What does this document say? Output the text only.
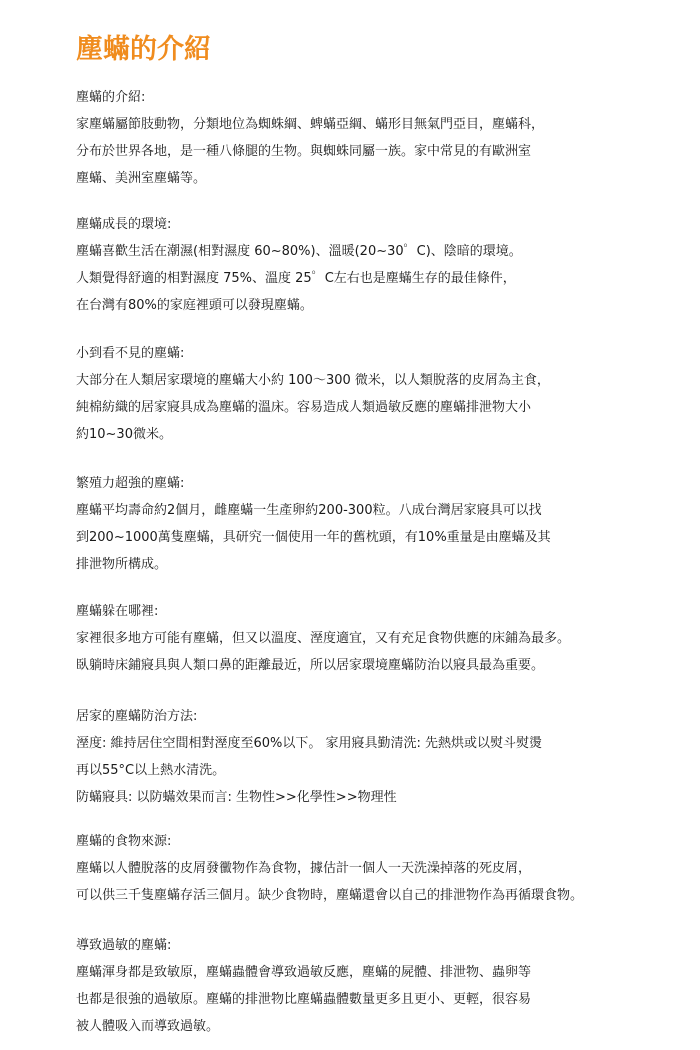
塵蟎的介紹

塵蟎的介紹:

家塵蟎屬節肢動物，分類地位為蜘蛛綱、蜱蟎亞綱、蟎形目無氣門亞目，塵蟎科，

分布於世界各地，是一種八條腿的生物。與蜘蛛同屬一族。家中常見的有歐洲室

塵蟎、美洲室塵蟎等。

塵蟎成長的環境:

塵蟎喜歡生活在潮濕(相對濕度 60~80%)、溫暖(20~30゜C)、陰暗的環境。

人類覺得舒適的相對濕度 75%、溫度 25゜C左右也是塵蟎生存的最佳條件，

在台灣有80%的家庭裡頭可以發現塵蟎。

小到看不見的塵蟎:

大部分在人類居家環境的塵蟎大小約 100～300 微米，以人類脫落的皮屑為主食，

純棉紡織的居家寢具成為塵蟎的溫床。容易造成人類過敏反應的塵蟎排泄物大小

約10~30微米。

繁殖力超強的塵蟎:

塵蟎平均壽命約2個月，雌塵蟎一生產卵約200-300粒。八成台灣居家寢具可以找

到200~1000萬隻塵蟎，具研究一個使用一年的舊枕頭，有10%重量是由塵蟎及其

排泄物所構成。

塵蟎躲在哪裡:

家裡很多地方可能有塵蟎，但又以溫度、溼度適宜，又有充足食物供應的床鋪為最多。

臥躺時床鋪寢具與人類口鼻的距離最近，所以居家環境塵蟎防治以寢具最為重要。

居家的塵蟎防治方法:

溼度: 維持居住空間相對溼度至60%以下。 家用寢具勤清洗: 先熱烘或以熨斗熨燙

再以55°C以上熱水清洗。

防蟎寢具: 以防蟎效果而言: 生物性>>化學性>>物理性

塵蟎的食物來源:

塵蟎以人體脫落的皮屑發黴物作為食物，據估計一個人一天洗澡掉落的死皮屑，

可以供三千隻塵蟎存活三個月。缺少食物時，塵蟎還會以自己的排泄物作為再循環食物。

導致過敏的塵蟎:

塵蟎渾身都是致敏原，塵蟎蟲體會導致過敏反應，塵蟎的屍體、排泄物、蟲卵等

也都是很強的過敏原。塵蟎的排泄物比塵蟎蟲體數量更多且更小、更輕，很容易

被人體吸入而導致過敏。
